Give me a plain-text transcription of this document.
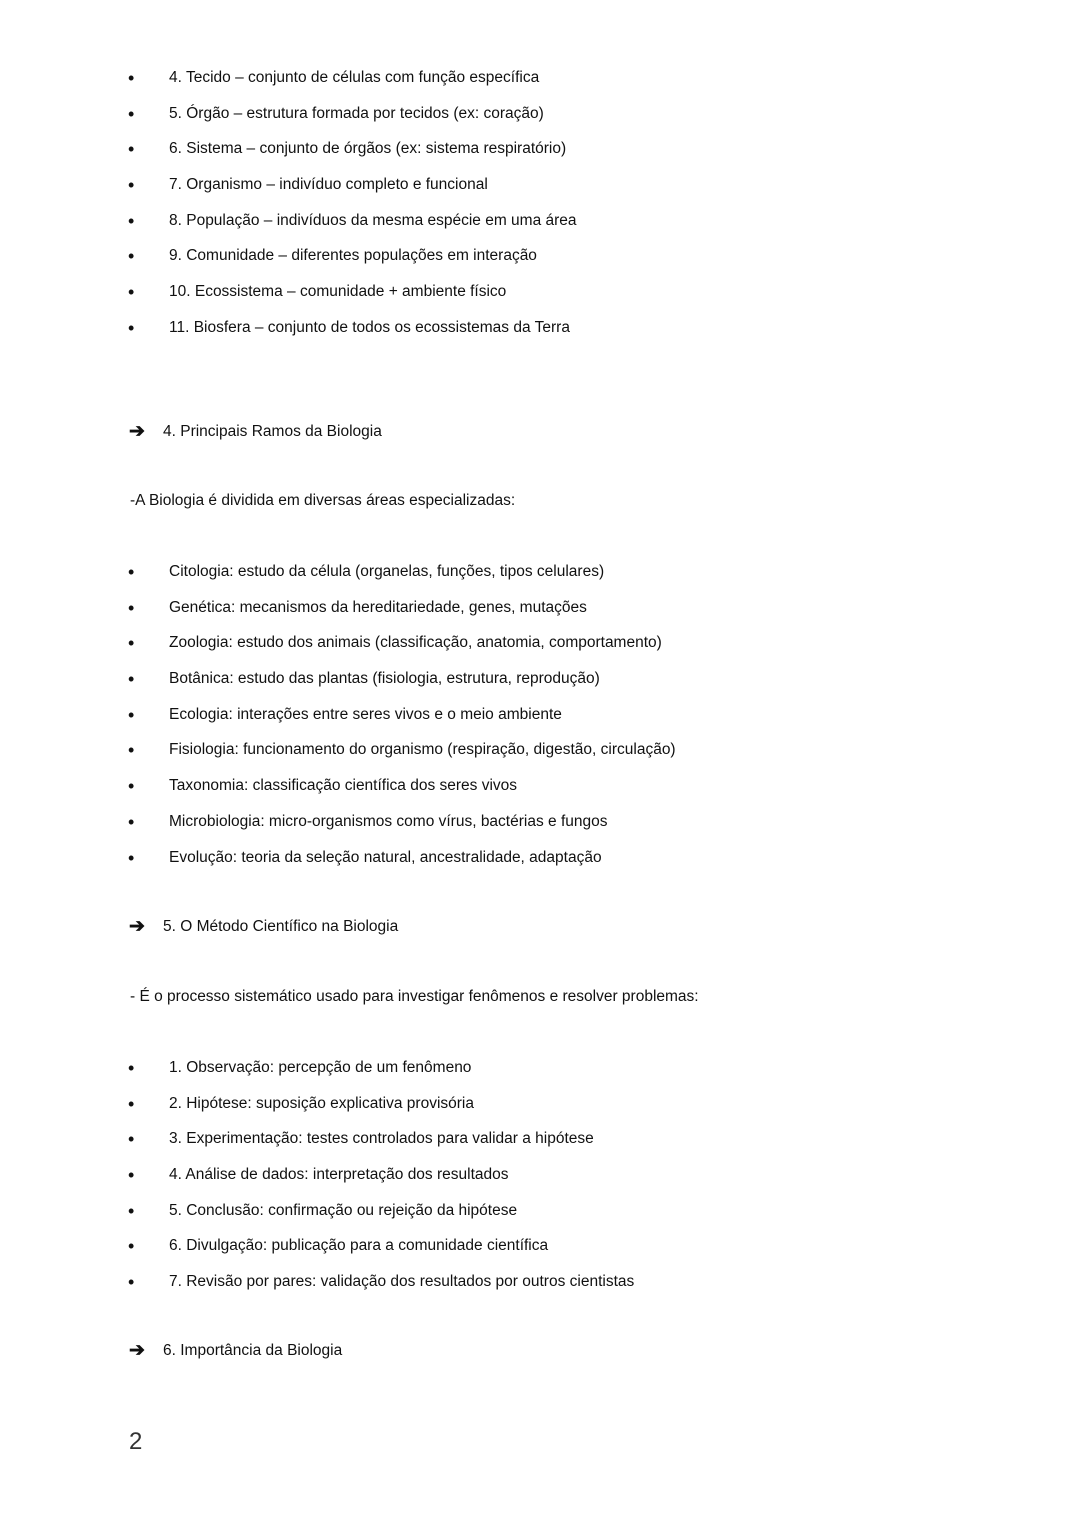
• 4. Tecido – conjunto de células com função específica
• 5. Órgão – estrutura formada por tecidos (ex: coração)
• 6. Sistema – conjunto de órgãos (ex: sistema respiratório)
• 7. Organismo – indivíduo completo e funcional
• 8. População – indivíduos da mesma espécie em uma área
• 9. Comunidade – diferentes populações em interação
• 10. Ecossistema – comunidade + ambiente físico
• 11. Biosfera – conjunto de todos os ecossistemas da Terra
➔ 4. Principais Ramos da Biologia
-A Biologia é dividida em diversas áreas especializadas:
• Citologia: estudo da célula (organelas, funções, tipos celulares)
• Genética: mecanismos da hereditariedade, genes, mutações
• Zoologia: estudo dos animais (classificação, anatomia, comportamento)
• Botânica: estudo das plantas (fisiologia, estrutura, reprodução)
• Ecologia: interações entre seres vivos e o meio ambiente
• Fisiologia: funcionamento do organismo (respiração, digestão, circulação)
• Taxonomia: classificação científica dos seres vivos
• Microbiologia: micro-organismos como vírus, bactérias e fungos
• Evolução: teoria da seleção natural, ancestralidade, adaptação
➔ 5. O Método Científico na Biologia
- É o processo sistemático usado para investigar fenômenos e resolver problemas:
• 1. Observação: percepção de um fenômeno
• 2. Hipótese: suposição explicativa provisória
• 3. Experimentação: testes controlados para validar a hipótese
• 4. Análise de dados: interpretação dos resultados
• 5. Conclusão: confirmação ou rejeição da hipótese
• 6. Divulgação: publicação para a comunidade científica
• 7. Revisão por pares: validação dos resultados por outros cientistas
➔ 6. Importância da Biologia
2
